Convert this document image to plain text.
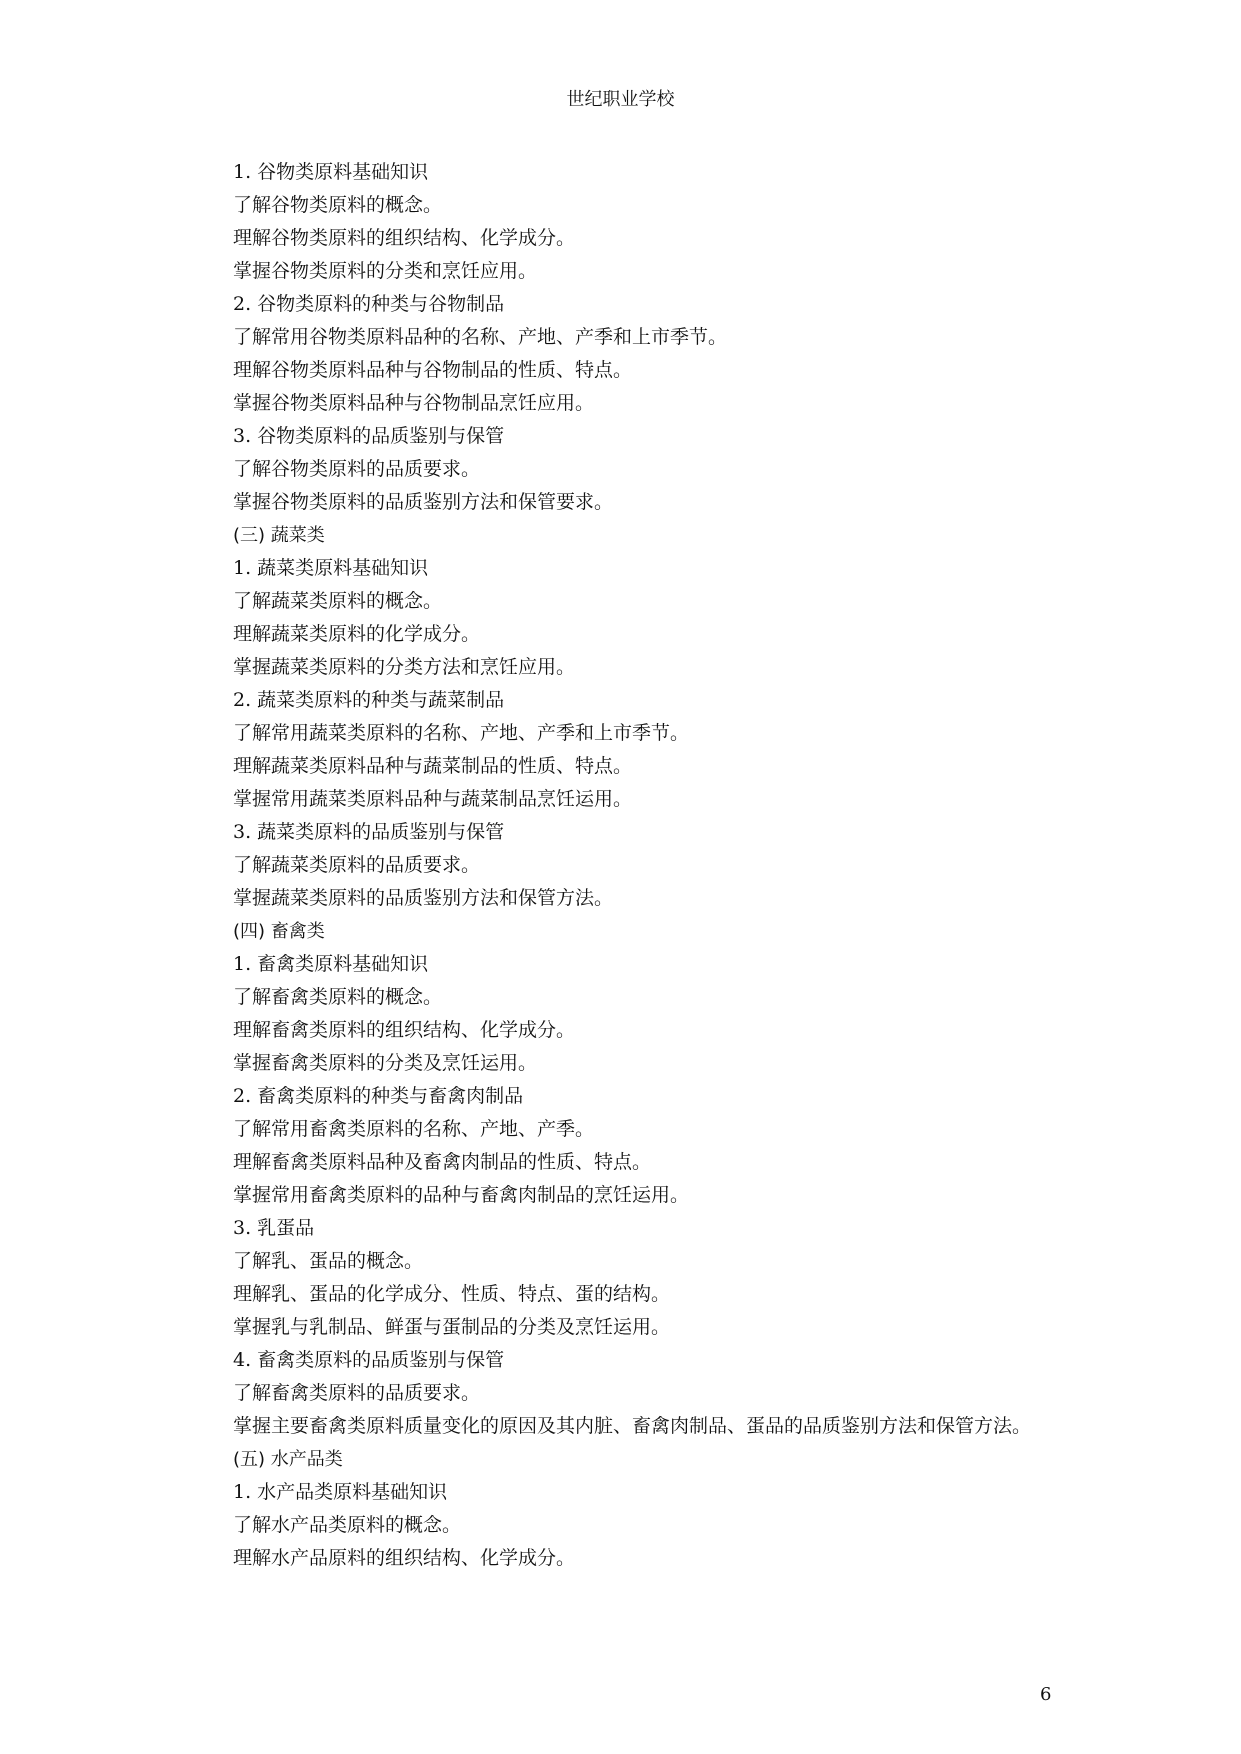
世纪职业学校
1. 谷物类原料基础知识
了解谷物类原料的概念。
理解谷物类原料的组织结构、化学成分。
掌握谷物类原料的分类和烹饪应用。
2. 谷物类原料的种类与谷物制品
了解常用谷物类原料品种的名称、产地、产季和上市季节。
理解谷物类原料品种与谷物制品的性质、特点。
掌握谷物类原料品种与谷物制品烹饪应用。
3. 谷物类原料的品质鉴别与保管
了解谷物类原料的品质要求。
掌握谷物类原料的品质鉴别方法和保管要求。
(三) 蔬菜类
1. 蔬菜类原料基础知识
了解蔬菜类原料的概念。
理解蔬菜类原料的化学成分。
掌握蔬菜类原料的分类方法和烹饪应用。
2. 蔬菜类原料的种类与蔬菜制品
了解常用蔬菜类原料的名称、产地、产季和上市季节。
理解蔬菜类原料品种与蔬菜制品的性质、特点。
掌握常用蔬菜类原料品种与蔬菜制品烹饪运用。
3. 蔬菜类原料的品质鉴别与保管
了解蔬菜类原料的品质要求。
掌握蔬菜类原料的品质鉴别方法和保管方法。
(四) 畜禽类
1. 畜禽类原料基础知识
了解畜禽类原料的概念。
理解畜禽类原料的组织结构、化学成分。
掌握畜禽类原料的分类及烹饪运用。
2. 畜禽类原料的种类与畜禽肉制品
了解常用畜禽类原料的名称、产地、产季。
理解畜禽类原料品种及畜禽肉制品的性质、特点。
掌握常用畜禽类原料的品种与畜禽肉制品的烹饪运用。
3. 乳蛋品
了解乳、蛋品的概念。
理解乳、蛋品的化学成分、性质、特点、蛋的结构。
掌握乳与乳制品、鲜蛋与蛋制品的分类及烹饪运用。
4. 畜禽类原料的品质鉴别与保管
了解畜禽类原料的品质要求。
掌握主要畜禽类原料质量变化的原因及其内脏、畜禽肉制品、蛋品的品质鉴别方法和保管方法。
(五) 水产品类
1. 水产品类原料基础知识
了解水产品类原料的概念。
理解水产品原料的组织结构、化学成分。
6
